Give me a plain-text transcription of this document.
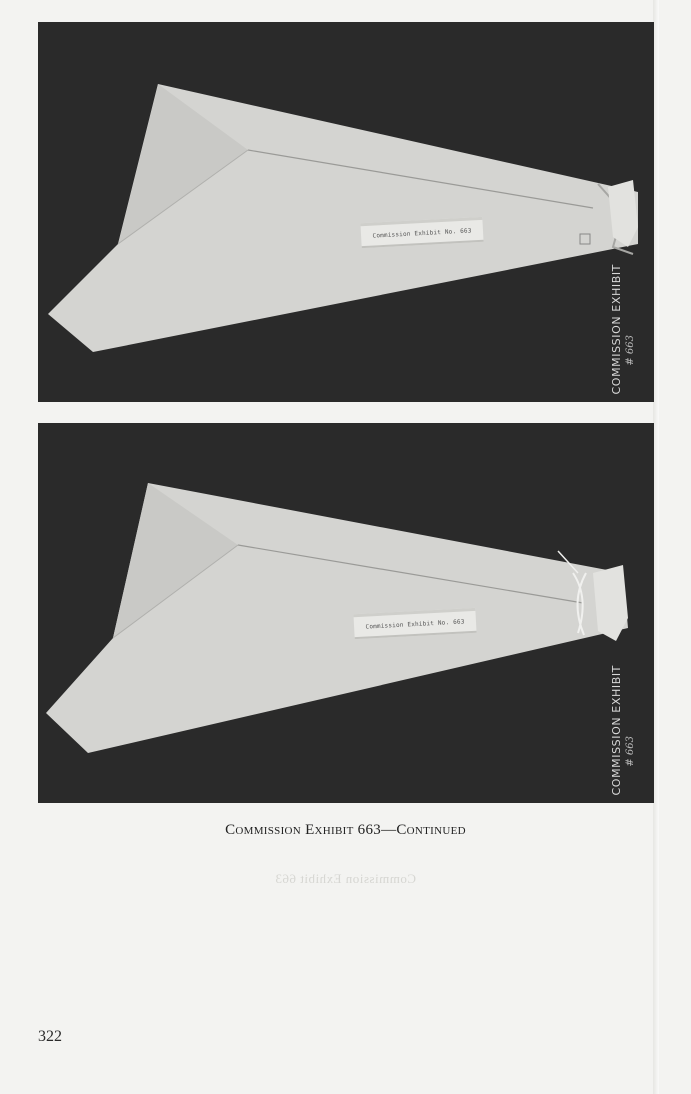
Commission Exhibit No. 663
COMMISSION EXHIBIT # 663
Commission Exhibit No. 663
COMMISSION EXHIBIT # 663
Commission Exhibit 663—Continued
Commission Exhibit 663
322
